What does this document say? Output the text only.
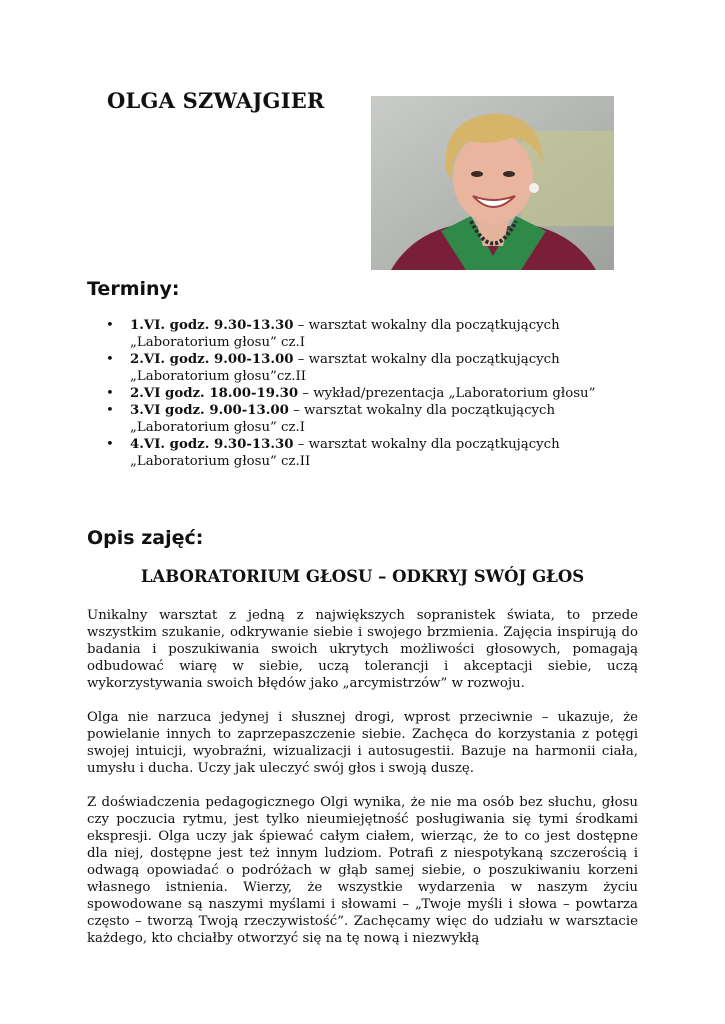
OLGA SZWAJGIER
Terminy:
• 1.VI. godz. 9.30-13.30 – warsztat wokalny dla początkujących „Laboratorium głosu” cz.I
• 2.VI. godz. 9.00-13.00 – warsztat wokalny dla początkujących „Laboratorium głosu”cz.II
• 2.VI godz. 18.00-19.30 – wykład/prezentacja „Laboratorium głosu”
• 3.VI godz. 9.00-13.00 – warsztat wokalny dla początkujących „Laboratorium głosu” cz.I
• 4.VI. godz. 9.30-13.30 – warsztat wokalny dla początkujących „Laboratorium głosu” cz.II
Opis zajęć:
LABORATORIUM GŁOSU – ODKRYJ SWÓJ GŁOS

Unikalny warsztat z jedną z największych sopranistek świata, to przede wszystkim szukanie, odkrywanie siebie i swojego brzmienia. Zajęcia inspirują do badania i poszukiwania swoich ukrytych możliwości głosowych, pomagają odbudować wiarę w siebie, uczą tolerancji i akceptacji siebie, uczą wykorzystywania swoich błędów jako „arcymistrzów” w rozwoju.

Olga nie narzuca jedynej i słusznej drogi, wprost przeciwnie – ukazuje, że powielanie innych to zaprzepaszczenie siebie. Zachęca do korzystania z potęgi swojej intuicji, wyobraźni, wizualizacji i autosugestii. Bazuje na harmonii ciała, umysłu i ducha. Uczy jak uleczyć swój głos i swoją duszę.

Z doświadczenia pedagogicznego Olgi wynika, że nie ma osób bez słuchu, głosu czy poczucia rytmu, jest tylko nieumiejętność posługiwania się tymi środkami ekspresji. Olga uczy jak śpiewać całym ciałem, wierząc, że to co jest dostępne dla niej, dostępne jest też innym ludziom. Potrafi z niespotykaną szczerością i odwagą opowiadać o podróżach w głąb samej siebie, o poszukiwaniu korzeni własnego istnienia. Wierzy, że wszystkie wydarzenia w naszym życiu spowodowane są naszymi myślami i słowami – „Twoje myśli i słowa – powtarza często – tworzą Twoją rzeczywistość”. Zachęcamy więc do udziału w warsztacie każdego, kto chciałby otworzyć się na tę nową i niezwykłą
